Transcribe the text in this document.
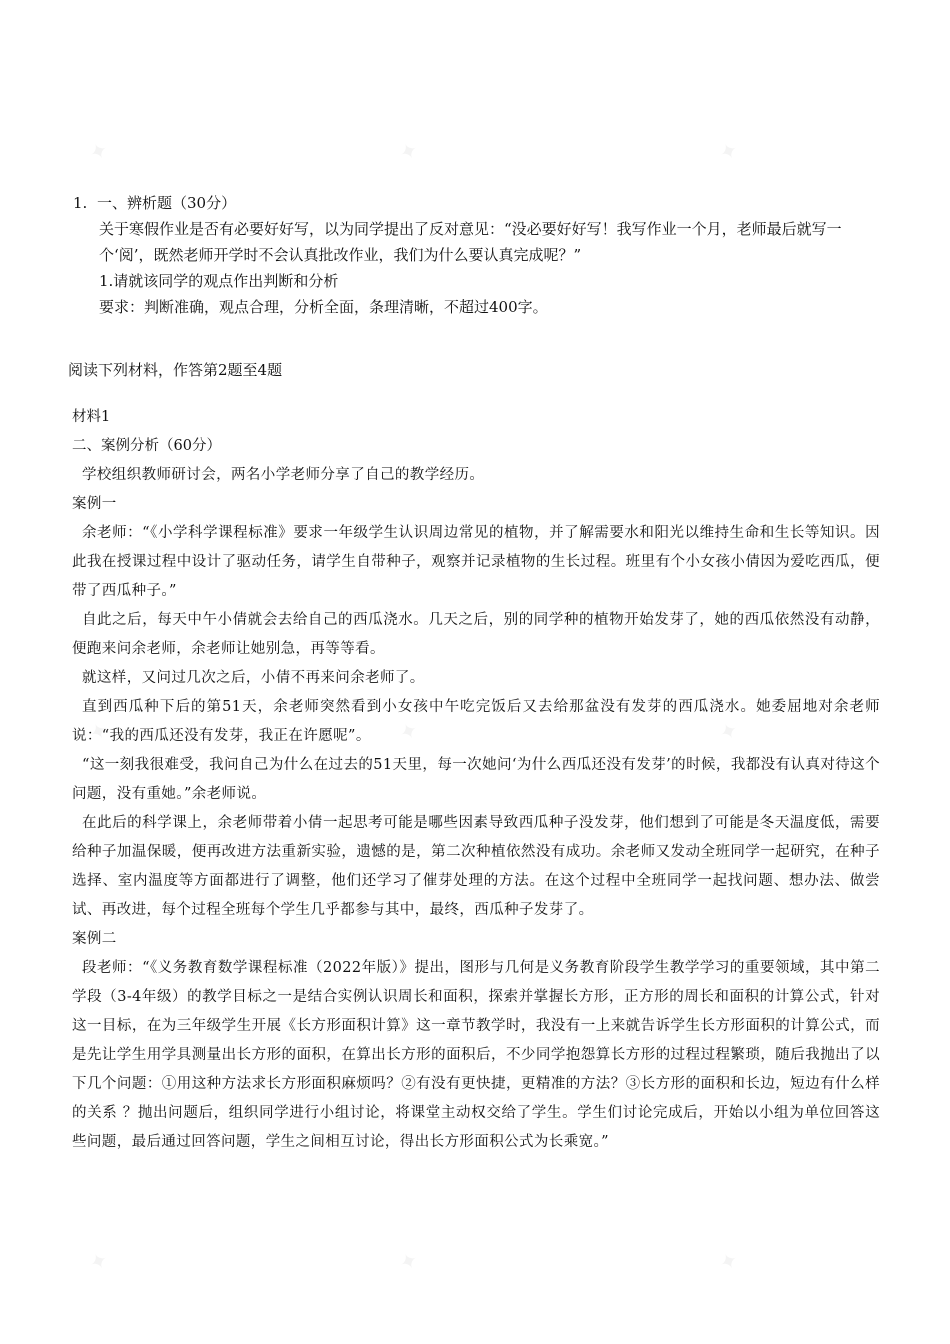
1. 一、辨析题（30分）

关于寒假作业是否有必要好好写，以为同学提出了反对意见：“没必要好好写！我写作业一个月，老师最后就写一个‘阅’，既然老师开学时不会认真批改作业，我们为什么要认真完成呢？”

1.请就该同学的观点作出判断和分析

要求：判断准确，观点合理，分析全面，条理清晰，不超过400字。

阅读下列材料，作答第2题至4题

材料1

二、案例分析（60分）

学校组织教师研讨会，两名小学老师分享了自己的教学经历。

案例一

余老师：“《小学科学课程标准》要求一年级学生认识周边常见的植物，并了解需要水和阳光以维持生命和生长等知识。因此我在授课过程中设计了驱动任务，请学生自带种子，观察并记录植物的生长过程。班里有个小女孩小倩因为爱吃西瓜，便带了西瓜种子。”

自此之后，每天中午小倩就会去给自己的西瓜浇水。几天之后，别的同学种的植物开始发芽了，她的西瓜依然没有动静，便跑来问余老师，余老师让她别急，再等等看。

就这样，又问过几次之后，小倩不再来问余老师了。

直到西瓜种下后的第51天，余老师突然看到小女孩中午吃完饭后又去给那盆没有发芽的西瓜浇水。她委屈地对余老师说：“我的西瓜还没有发芽，我正在许愿呢”。

“这一刻我很难受，我问自己为什么在过去的51天里，每一次她问‘为什么西瓜还没有发芽’的时候，我都没有认真对待这个问题，没有重她。”余老师说。

在此后的科学课上，余老师带着小倩一起思考可能是哪些因素导致西瓜种子没发芽，他们想到了可能是冬天温度低，需要给种子加温保暖，便再改进方法重新实验，遗憾的是，第二次种植依然没有成功。余老师又发动全班同学一起研究，在种子选择、室内温度等方面都进行了调整，他们还学习了催芽处理的方法。在这个过程中全班同学一起找问题、想办法、做尝试、再改进，每个过程全班每个学生几乎都参与其中，最终，西瓜种子发芽了。

案例二

段老师：“《义务教育数学课程标准（2022年版）》提出，图形与几何是义务教育阶段学生教学学习的重要领域，其中第二学段（3-4年级）的教学目标之一是结合实例认识周长和面积，探索并掌握长方形，正方形的周长和面积的计算公式，针对这一目标，在为三年级学生开展《长方形面积计算》这一章节教学时，我没有一上来就告诉学生长方形面积的计算公式，而是先让学生用学具测量出长方形的面积，在算出长方形的面积后，不少同学抱怨算长方形的过程过程繁琐，随后我抛出了以下几个问题：①用这种方法求长方形面积麻烦吗？②有没有更快捷，更精准的方法？③长方形的面积和长边，短边有什么样的关系 ？抛出问题后，组织同学进行小组讨论，将课堂主动权交给了学生。学生们讨论完成后，开始以小组为单位回答这些问题，最后通过回答问题，学生之间相互讨论，得出长方形面积公式为长乘宽。”
